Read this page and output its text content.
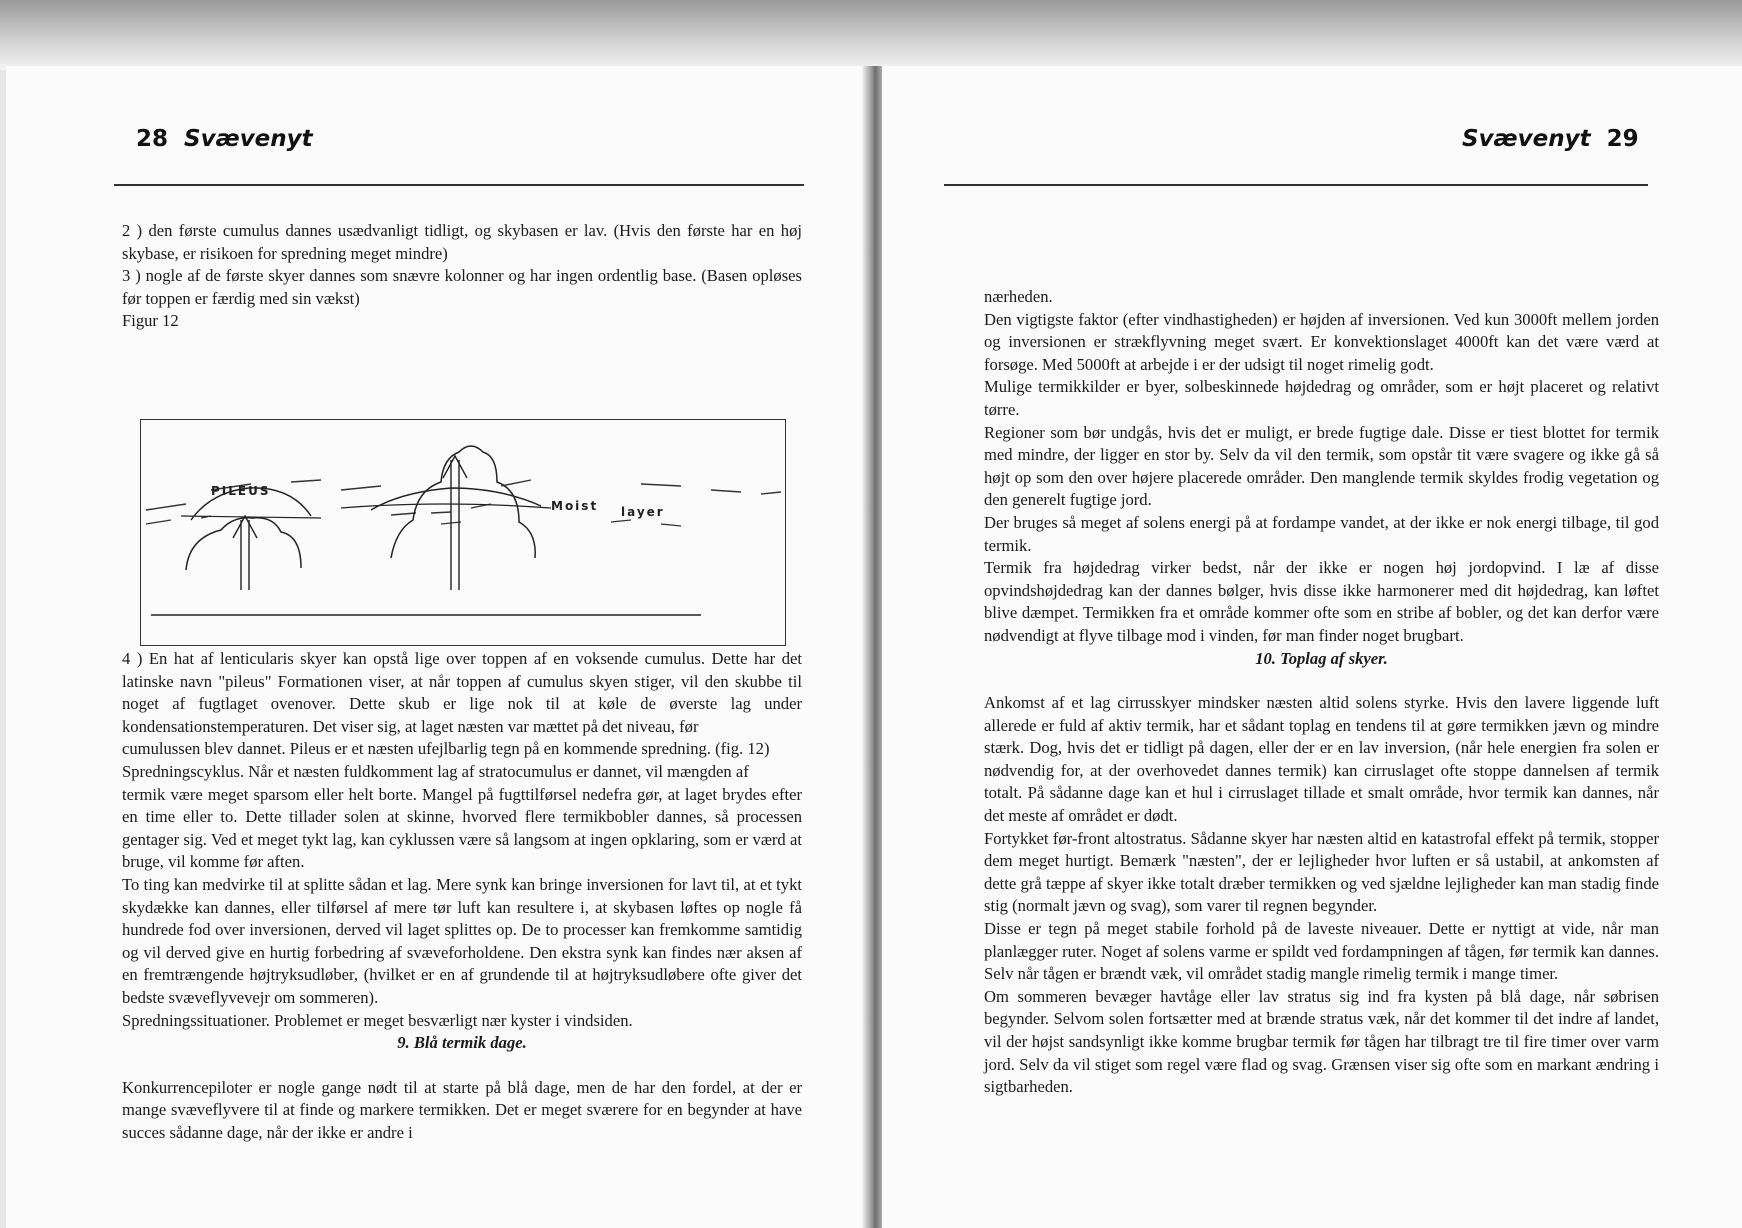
28 Svævenyt

2 ) den første cumulus dannes usædvanligt tidligt, og skybasen er lav. (Hvis den første har en høj skybase, er risikoen for spredning meget mindre)

3 ) nogle af de første skyer dannes som snævre kolonner og har ingen ordentlig base. (Basen opløses før toppen er færdig med sin vækst)

Figur 12

PILEUS
Moist layer

4 ) En hat af lenticularis skyer kan opstå lige over toppen af en voksende cumulus. Dette har det latinske navn "pileus" Formationen viser, at når toppen af cumulus skyen stiger, vil den skubbe til noget af fugtlaget ovenover. Dette skub er lige nok til at køle de øverste lag under kondensationstemperaturen. Det viser sig, at laget næsten var mættet på det niveau, før

cumulussen blev dannet. Pileus er et næsten ufejlbarlig tegn på en kommende spredning. (fig. 12)

Spredningscyklus. Når et næsten fuldkomment lag af stratocumulus er dannet, vil mængden af

termik være meget sparsom eller helt borte. Mangel på fugttilførsel nedefra gør, at laget brydes efter en time eller to. Dette tillader solen at skinne, hvorved flere termikbobler dannes, så processen gentager sig. Ved et meget tykt lag, kan cyklussen være så langsom at ingen opklaring, som er værd at bruge, vil komme før aften.

To ting kan medvirke til at splitte sådan et lag. Mere synk kan bringe inversionen for lavt til, at et tykt skydække kan dannes, eller tilførsel af mere tør luft kan resultere i, at skybasen løftes op nogle få hundrede fod over inversionen, derved vil laget splittes op. De to processer kan fremkomme samtidig og vil derved give en hurtig forbedring af svæveforholdene. Den ekstra synk kan findes nær aksen af en fremtrængende højtryksudløber, (hvilket er en af grundende til at højtryksudløbere ofte giver det bedste svæveflyvevejr om sommeren).

Spredningssituationer. Problemet er meget besværligt nær kyster i vindsiden.

9. Blå termik dage.

Konkurrencepiloter er nogle gange nødt til at starte på blå dage, men de har den fordel, at der er mange svæveflyvere til at finde og markere termikken. Det er meget sværere for en begynder at have succes sådanne dage, når der ikke er andre i

Svævenyt 29

nærheden.

Den vigtigste faktor (efter vindhastigheden) er højden af inversionen. Ved kun 3000ft mellem jorden og inversionen er strækflyvning meget svært. Er konvektionslaget 4000ft kan det være værd at forsøge. Med 5000ft at arbejde i er der udsigt til noget rimelig godt.

Mulige termikkilder er byer, solbeskinnede højdedrag og områder, som er højt placeret og relativt tørre.

Regioner som bør undgås, hvis det er muligt, er brede fugtige dale. Disse er tiest blottet for termik med mindre, der ligger en stor by. Selv da vil den termik, som opstår tit være svagere og ikke gå så højt op som den over højere placerede områder. Den manglende termik skyldes frodig vegetation og den generelt fugtige jord.

Der bruges så meget af solens energi på at fordampe vandet, at der ikke er nok energi tilbage, til god termik.

Termik fra højdedrag virker bedst, når der ikke er nogen høj jordopvind. I læ af disse opvindshøjdedrag kan der dannes bølger, hvis disse ikke harmonerer med dit højdedrag, kan løftet blive dæmpet. Termikken fra et område kommer ofte som en stribe af bobler, og det kan derfor være nødvendigt at flyve tilbage mod i vinden, før man finder noget brugbart.

10. Toplag af skyer.

Ankomst af et lag cirrusskyer mindsker næsten altid solens styrke. Hvis den lavere liggende luft allerede er fuld af aktiv termik, har et sådant toplag en tendens til at gøre termikken jævn og mindre stærk. Dog, hvis det er tidligt på dagen, eller der er en lav inversion, (når hele energien fra solen er nødvendig for, at der overhovedet dannes termik) kan cirruslaget ofte stoppe dannelsen af termik totalt. På sådanne dage kan et hul i cirruslaget tillade et smalt område, hvor termik kan dannes, når det meste af området er dødt.

Fortykket før-front altostratus. Sådanne skyer har næsten altid en katastrofal effekt på termik, stopper dem meget hurtigt. Bemærk "næsten", der er lejligheder hvor luften er så ustabil, at ankomsten af dette grå tæppe af skyer ikke totalt dræber termikken og ved sjældne lejligheder kan man stadig finde stig (normalt jævn og svag), som varer til regnen begynder.

Disse er tegn på meget stabile forhold på de laveste niveauer. Dette er nyttigt at vide, når man planlægger ruter. Noget af solens varme er spildt ved fordampningen af tågen, før termik kan dannes. Selv når tågen er brændt væk, vil området stadig mangle rimelig termik i mange timer.

Om sommeren bevæger havtåge eller lav stratus sig ind fra kysten på blå dage, når søbrisen begynder. Selvom solen fortsætter med at brænde stratus væk, når det kommer til det indre af landet, vil der højst sandsynligt ikke komme brugbar termik før tågen har tilbragt tre til fire timer over varm jord. Selv da vil stiget som regel være flad og svag. Grænsen viser sig ofte som en markant ændring i sigtbarheden.
